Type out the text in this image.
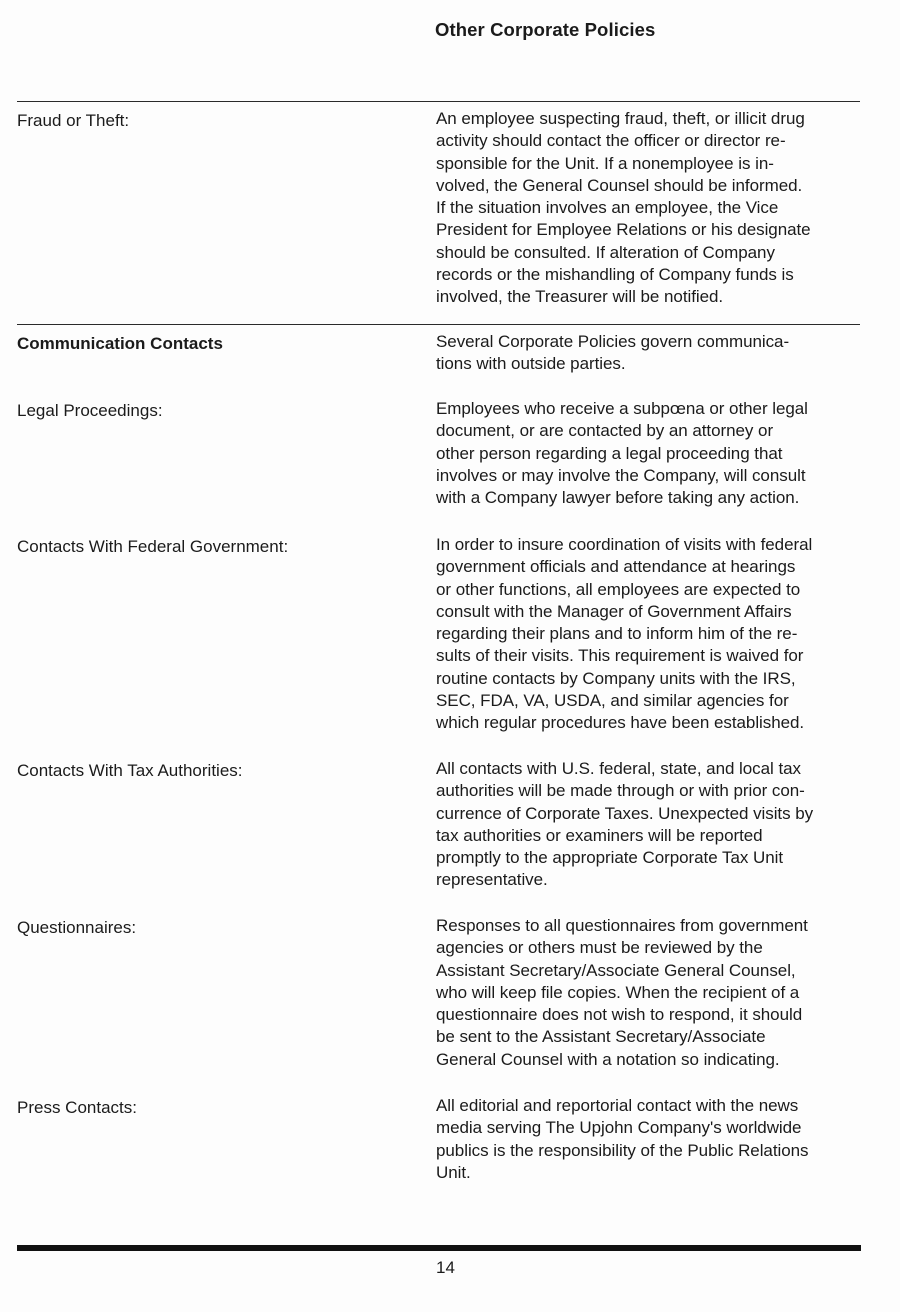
Other Corporate Policies
Fraud or Theft:	An employee suspecting fraud, theft, or illicit drug
activity should contact the officer or director re-
sponsible for the Unit. If a nonemployee is in-
volved, the General Counsel should be informed.
If the situation involves an employee, the Vice
President for Employee Relations or his designate
should be consulted. If alteration of Company
records or the mishandling of Company funds is
involved, the Treasurer will be notified.
Communication Contacts	Several Corporate Policies govern communica-
tions with outside parties.
Legal Proceedings:	Employees who receive a subpœna or other legal
document, or are contacted by an attorney or
other person regarding a legal proceeding that
involves or may involve the Company, will consult
with a Company lawyer before taking any action.
Contacts With Federal Government:	In order to insure coordination of visits with federal
government officials and attendance at hearings
or other functions, all employees are expected to
consult with the Manager of Government Affairs
regarding their plans and to inform him of the re-
sults of their visits. This requirement is waived for
routine contacts by Company units with the IRS,
SEC, FDA, VA, USDA, and similar agencies for
which regular procedures have been established.
Contacts With Tax Authorities:	All contacts with U.S. federal, state, and local tax
authorities will be made through or with prior con-
currence of Corporate Taxes. Unexpected visits by
tax authorities or examiners will be reported
promptly to the appropriate Corporate Tax Unit
representative.
Questionnaires:	Responses to all questionnaires from government
agencies or others must be reviewed by the
Assistant Secretary/Associate General Counsel,
who will keep file copies. When the recipient of a
questionnaire does not wish to respond, it should
be sent to the Assistant Secretary/Associate
General Counsel with a notation so indicating.
Press Contacts:	All editorial and reportorial contact with the news
media serving The Upjohn Company's worldwide
publics is the responsibility of the Public Relations
Unit.
14
